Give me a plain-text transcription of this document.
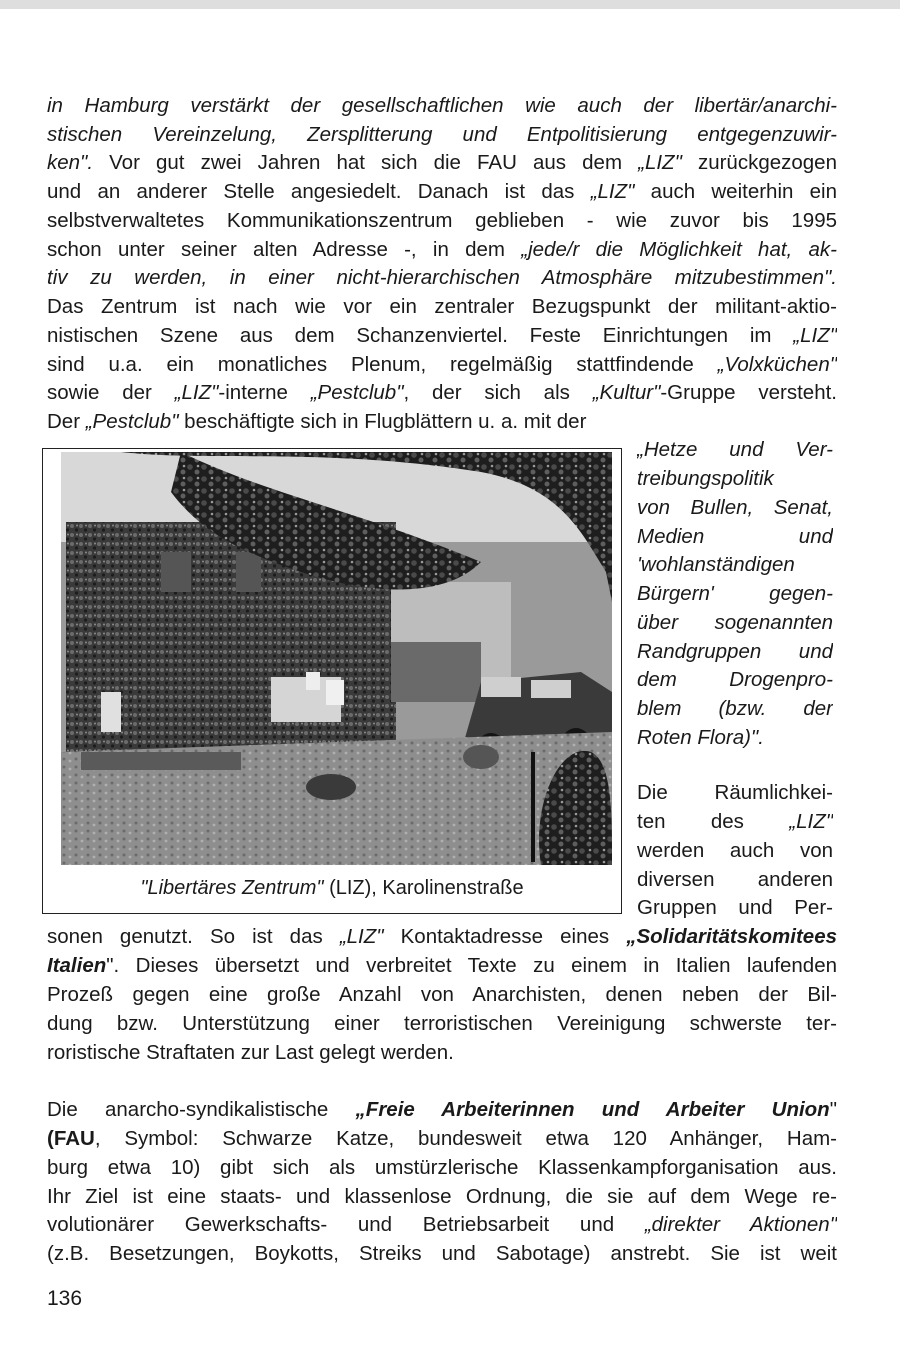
in Hamburg verstärkt der gesellschaftlichen wie auch der libertär/anarchi-
stischen Vereinzelung, Zersplitterung und Entpolitisierung entgegenzuwir-
ken". Vor gut zwei Jahren hat sich die FAU aus dem „LIZ" zurückgezogen
und an anderer Stelle angesiedelt. Danach ist das „LIZ" auch weiterhin ein
selbstverwaltetes Kommunikationszentrum geblieben - wie zuvor bis 1995
schon unter seiner alten Adresse -, in dem „jede/r die Möglichkeit hat, ak-
tiv zu werden, in einer nicht-hierarchischen Atmosphäre mitzubestimmen".
Das Zentrum ist nach wie vor ein zentraler Bezugspunkt der militant-aktio-
nistischen Szene aus dem Schanzenviertel. Feste Einrichtungen im „LIZ"
sind u.a. ein monatliches Plenum, regelmäßig stattfindende „Volxküchen"
sowie der „LIZ"-interne „Pestclub", der sich als „Kultur"-Gruppe versteht.
Der „Pestclub" beschäftigte sich in Flugblättern u. a. mit der
"Libertäres Zentrum" (LIZ), Karolinenstraße
„Hetze und Ver-
treibungspolitik
von Bullen, Senat,
Medien und
'wohlanständigen
Bürgern' gegen-
über sogenannten
Randgruppen und
dem Drogenpro-
blem (bzw. der
Roten Flora)".
Die Räumlichkei-
ten des „LIZ"
werden auch von
diversen anderen
Gruppen und Per-
sonen genutzt. So ist das „LIZ" Kontaktadresse eines „Solidaritätskomitees
Italien". Dieses übersetzt und verbreitet Texte zu einem in Italien laufenden
Prozeß gegen eine große Anzahl von Anarchisten, denen neben der Bil-
dung bzw. Unterstützung einer terroristischen Vereinigung schwerste ter-
roristische Straftaten zur Last gelegt werden.
Die anarcho-syndikalistische „Freie Arbeiterinnen und Arbeiter Union"
(FAU, Symbol: Schwarze Katze, bundesweit etwa 120 Anhänger, Ham-
burg etwa 10) gibt sich als umstürzlerische Klassenkampforganisation aus.
Ihr Ziel ist eine staats- und klassenlose Ordnung, die sie auf dem Wege re-
volutionärer Gewerkschafts- und Betriebsarbeit und „direkter Aktionen"
(z.B. Besetzungen, Boykotts, Streiks und Sabotage) anstrebt. Sie ist weit
136
